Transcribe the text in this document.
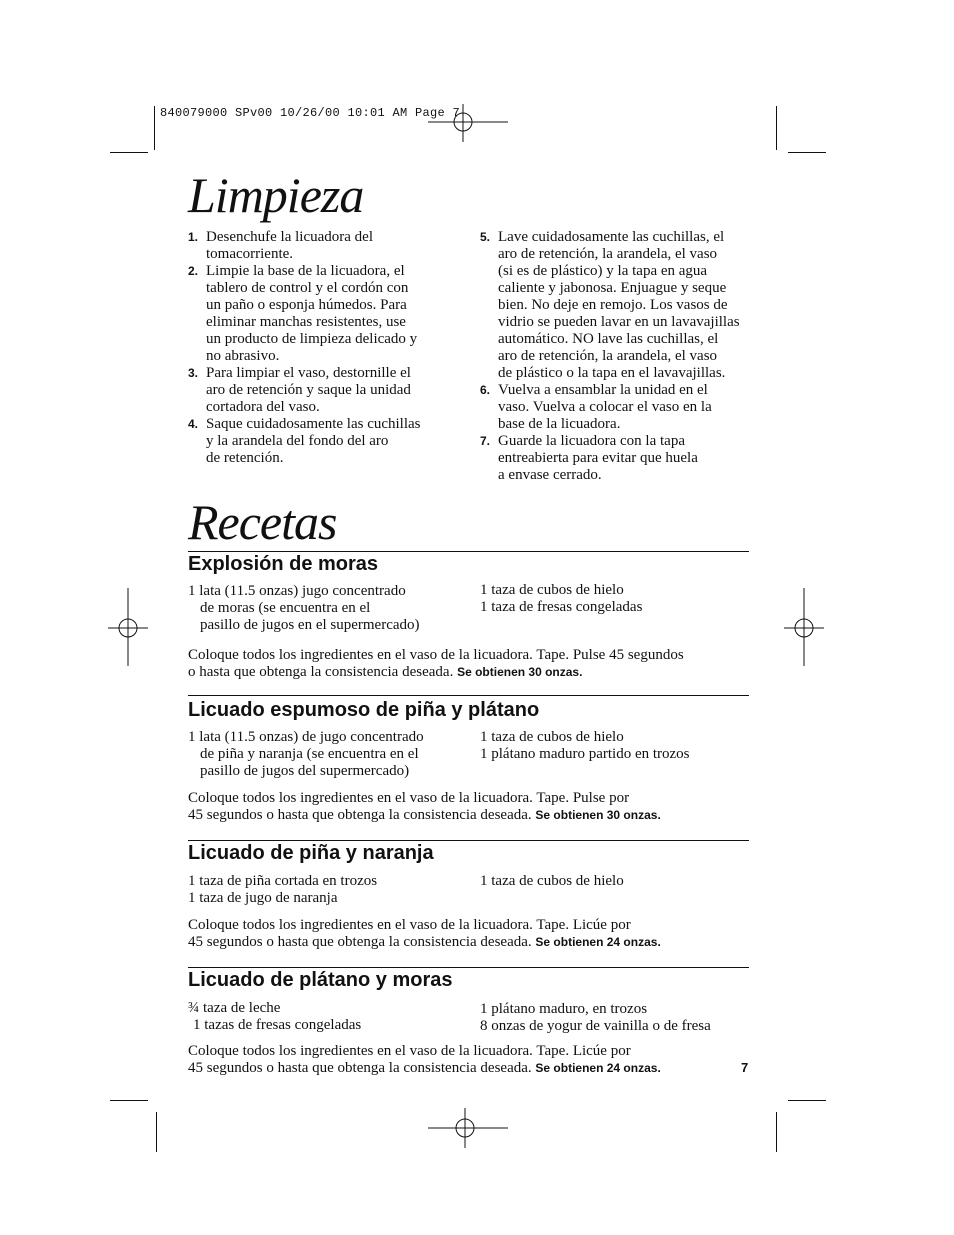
840079000 SPv00 10/26/00 10:01 AM Page 7
Limpieza
1. Desenchufe la licuadora del
tomacorriente.
2. Limpie la base de la licuadora, el
tablero de control y el cordón con
un paño o esponja húmedos. Para
eliminar manchas resistentes, use
un producto de limpieza delicado y
no abrasivo.
3. Para limpiar el vaso, destornille el
aro de retención y saque la unidad
cortadora del vaso.
4. Saque cuidadosamente las cuchillas
y la arandela del fondo del aro
de retención.
5. Lave cuidadosamente las cuchillas, el
aro de retención, la arandela, el vaso
(si es de plástico) y la tapa en agua
caliente y jabonosa. Enjuague y seque
bien. No deje en remojo. Los vasos de
vidrio se pueden lavar en un lavavajillas
automático. NO lave las cuchillas, el
aro de retención, la arandela, el vaso
de plástico o la tapa en el lavavajillas.
6. Vuelva a ensamblar la unidad en el
vaso. Vuelva a colocar el vaso en la
base de la licuadora.
7. Guarde la licuadora con la tapa
entreabierta para evitar que huela
a envase cerrado.
Recetas
Explosión de moras
1 lata (11.5 onzas) jugo concentrado
de moras (se encuentra en el
pasillo de jugos en el supermercado)
1 taza de cubos de hielo
1 taza de fresas congeladas
Coloque todos los ingredientes en el vaso de la licuadora. Tape. Pulse 45 segundos
o hasta que obtenga la consistencia deseada. Se obtienen 30 onzas.
Licuado espumoso de piña y plátano
1 lata (11.5 onzas) de jugo concentrado
de piña y naranja (se encuentra en el
pasillo de jugos del supermercado)
1 taza de cubos de hielo
1 plátano maduro partido en trozos
Coloque todos los ingredientes en el vaso de la licuadora. Tape. Pulse por
45 segundos o hasta que obtenga la consistencia deseada. Se obtienen 30 onzas.
Licuado de piña y naranja
1 taza de piña cortada en trozos
1 taza de jugo de naranja
1 taza de cubos de hielo
Coloque todos los ingredientes en el vaso de la licuadora. Tape. Licúe por
45 segundos o hasta que obtenga la consistencia deseada. Se obtienen 24 onzas.
Licuado de plátano y moras
¾ taza de leche
1 tazas de fresas congeladas
1 plátano maduro, en trozos
8 onzas de yogur de vainilla o de fresa
Coloque todos los ingredientes en el vaso de la licuadora. Tape. Licúe por
45 segundos o hasta que obtenga la consistencia deseada. Se obtienen 24 onzas.	7
